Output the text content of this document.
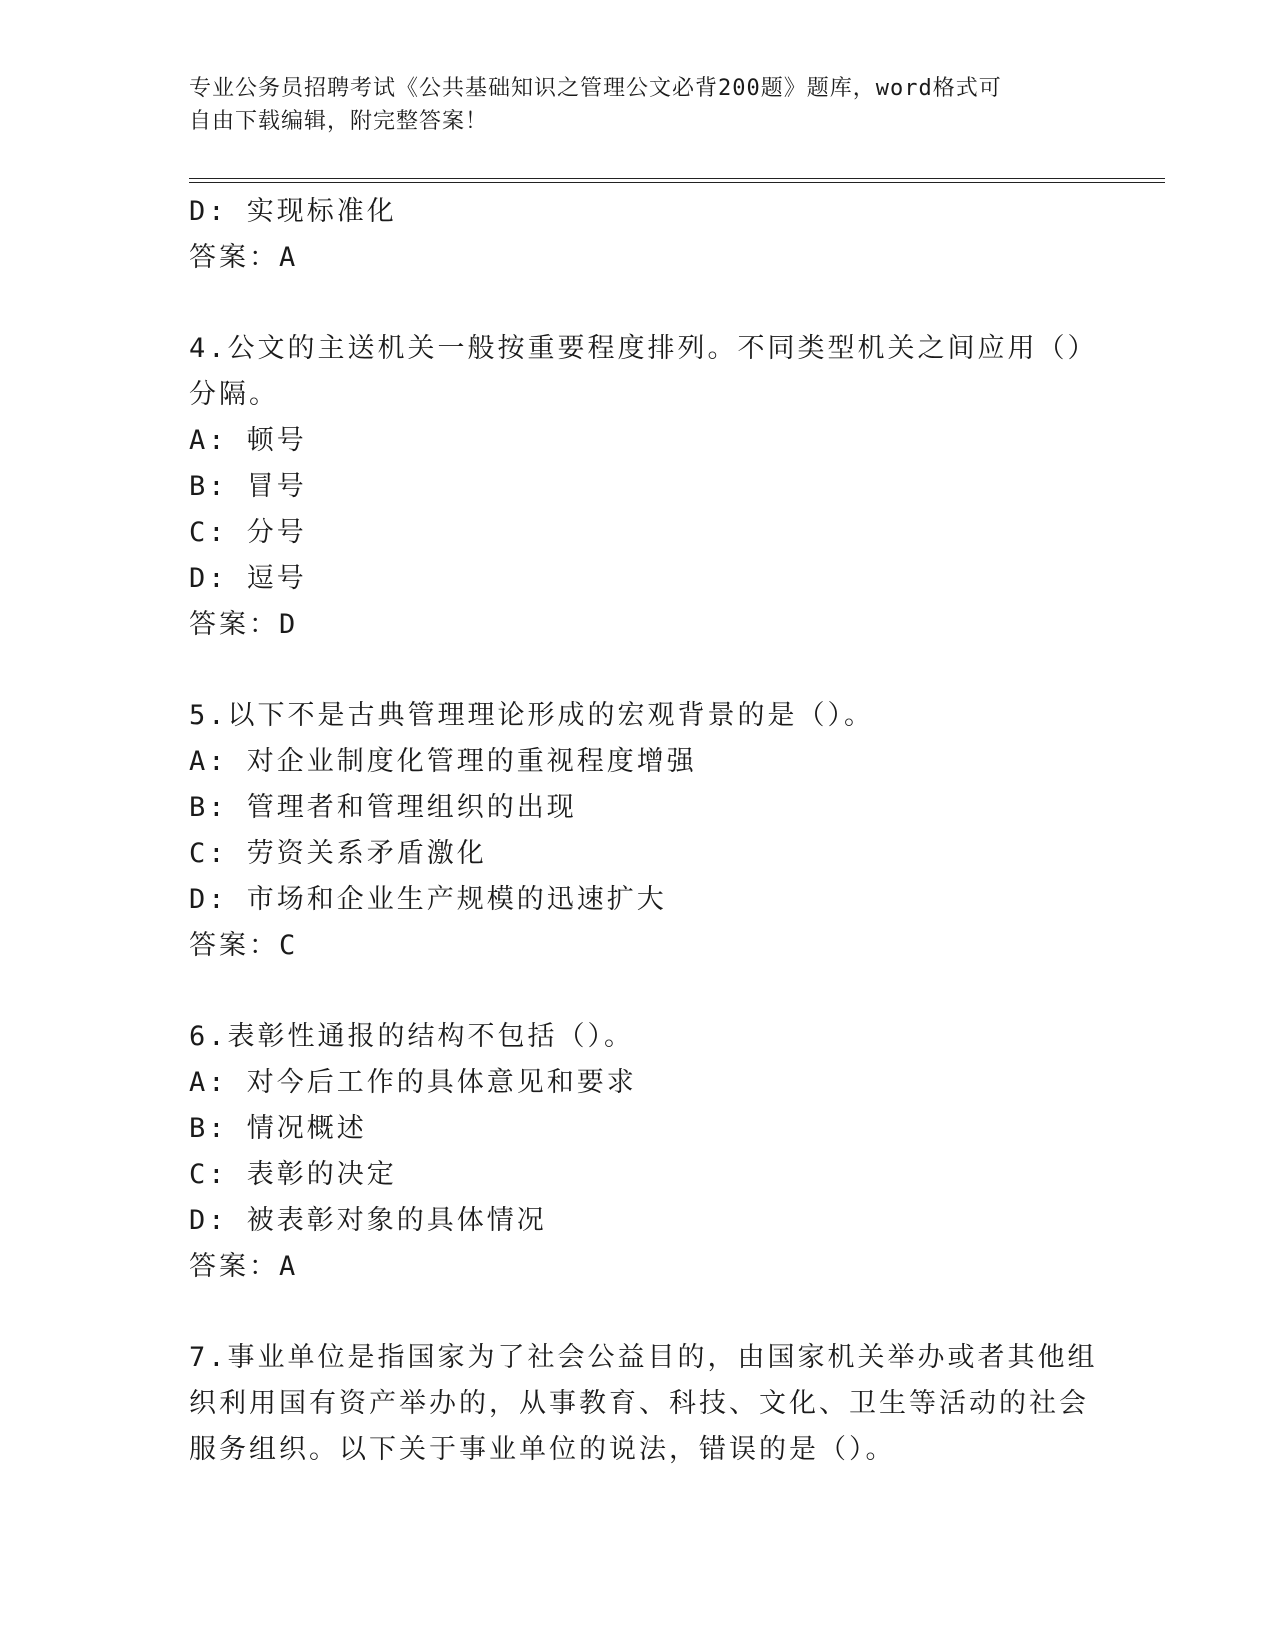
专业公务员招聘考试《公共基础知识之管理公文必背200题》题库，word格式可
自由下载编辑，附完整答案！
D: 实现标准化
答案：A
4.公文的主送机关一般按重要程度排列。不同类型机关之间应用（）
分隔。
A: 顿号
B: 冒号
C: 分号
D: 逗号
答案：D
5.以下不是古典管理理论形成的宏观背景的是（）。
A: 对企业制度化管理的重视程度增强
B: 管理者和管理组织的出现
C: 劳资关系矛盾激化
D: 市场和企业生产规模的迅速扩大
答案：C
6.表彰性通报的结构不包括（）。
A: 对今后工作的具体意见和要求
B: 情况概述
C: 表彰的决定
D: 被表彰对象的具体情况
答案：A
7.事业单位是指国家为了社会公益目的，由国家机关举办或者其他组
织利用国有资产举办的，从事教育、科技、文化、卫生等活动的社会
服务组织。以下关于事业单位的说法，错误的是（）。
